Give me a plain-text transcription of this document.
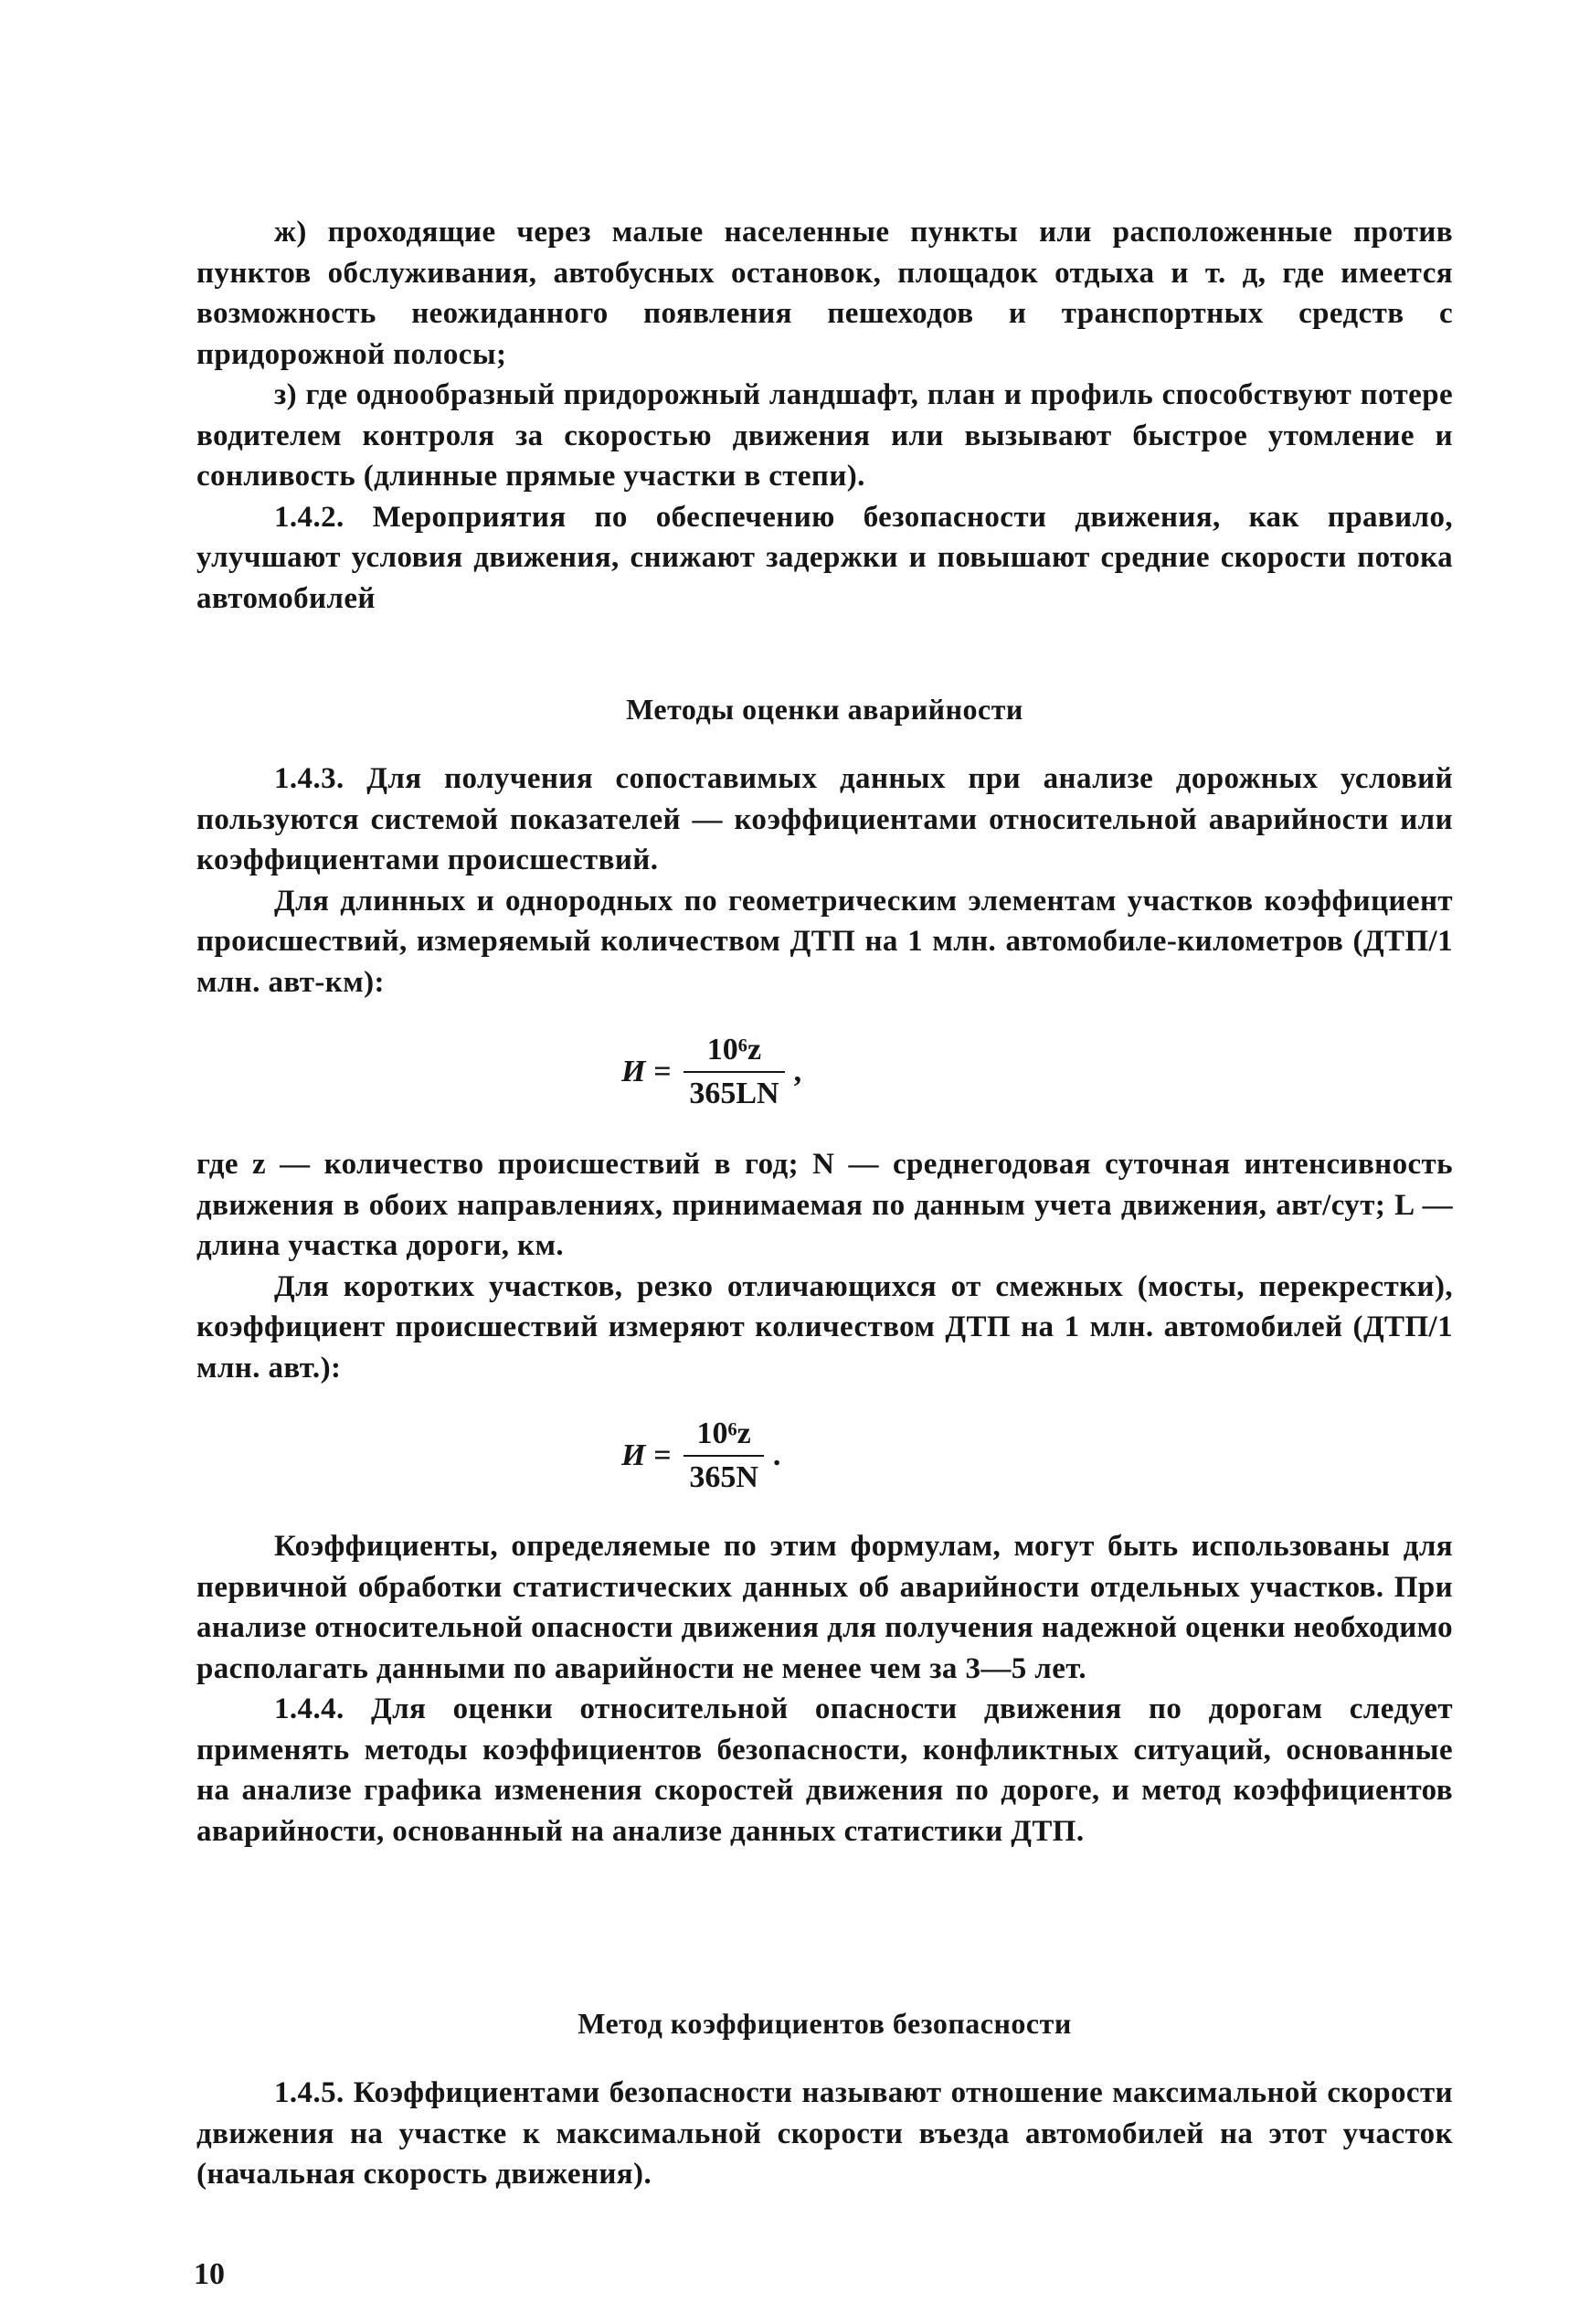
ж) проходящие через малые населенные пункты или расположенные против пунктов обслуживания, автобусных остановок, площадок отдыха и т. д, где имеется возможность неожиданного появления пешеходов и транспортных средств с придорожной полосы;

з) где однообразный придорожный ландшафт, план и профиль способствуют потере водителем контроля за скоростью движения или вызывают быстрое утомление и сонливость (длинные прямые участки в степи).

1.4.2. Мероприятия по обеспечению безопасности движения, как правило, улучшают условия движения, снижают задержки и повышают средние скорости потока автомобилей

Методы оценки аварийности

1.4.3. Для получения сопоставимых данных при анализе дорожных условий пользуются системой показателей — коэффициентами относительной аварийности или коэффициентами происшествий.

Для длинных и однородных по геометрическим элементам участков коэффициент происшествий, измеряемый количеством ДТП на 1 млн. автомобиле-километров (ДТП/1 млн. авт-км):

$И = \frac{\text{10⁶z}}{365LN}$ ,

где z — количество происшествий в год; N — среднегодовая суточная интенсивность движения в обоих направлениях, принимаемая по данным учета движения, авт/сут; L — длина участка дороги, км.

Для коротких участков, резко отличающихся от смежных (мосты, перекрестки), коэффициент происшествий измеряют количеством ДТП на 1 млн. автомобилей (ДТП/1 млн. авт.):

$И = \frac{\text{10⁶z}}{365N}$ .

Коэффициенты, определяемые по этим формулам, могут быть использованы для первичной обработки статистических данных об аварийности отдельных участков. При анализе относительной опасности движения для получения надежной оценки необходимо располагать данными по аварийности не менее чем за 3—5 лет.

1.4.4. Для оценки относительной опасности движения по дорогам следует применять методы коэффициентов безопасности, конфликтных ситуаций, основанные на анализе графика изменения скоростей движения по дороге, и метод коэффициентов аварийности, основанный на анализе данных статистики ДТП.

Метод коэффициентов безопасности

1.4.5. Коэффициентами безопасности называют отношение максимальной скорости движения на участке к максимальной скорости въезда автомобилей на этот участок (начальная скорость движения).

10
